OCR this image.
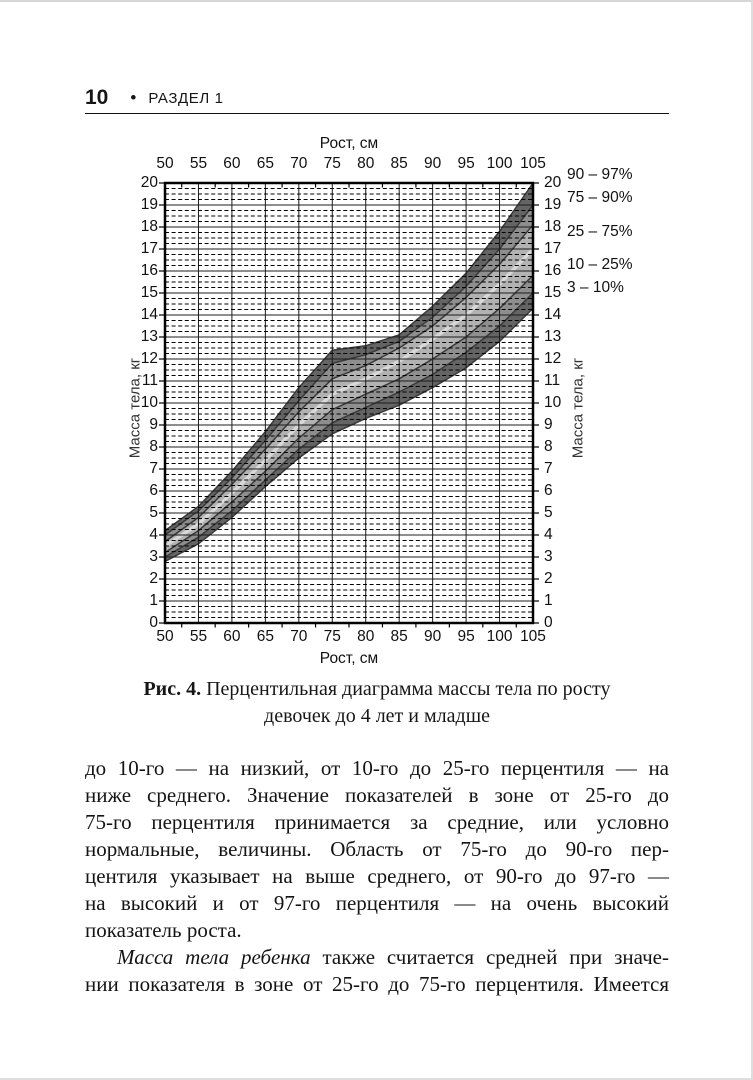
10 • РАЗДЕЛ 1
Рост, см
50 55 60 65 70 75 80 85 90 95 100 105
0
1
2
3
4
5
6
7
8
9
10
11
12
13
14
15
16
17
18
19
20
0
1
2
3
4
5
6
7
8
9
10
11
12
13
14
15
16
17
18
19
20
Масса тела, кг	Масса тела, кг
90 – 97%
75 – 90%
25 – 75%
10 – 25%
3 – 10%
50 55 60 65 70 75 80 85 90 95 100 105
Рост, см
Рис. 4. Перцентильная диаграмма массы тела по росту
девочек до 4 лет и младше
до 10-го — на низкий, от 10-го до 25-го перцентиля — на
ниже среднего. Значение показателей в зоне от 25-го до
75-го перцентиля принимается за средние, или условно
нормальные, величины. Область от 75-го до 90-го пер-
центиля указывает на выше среднего, от 90-го до 97-го —
на высокий и от 97-го перцентиля — на очень высокий
показатель роста.
Масса тела ребенка также считается средней при значе-
нии показателя в зоне от 25-го до 75-го перцентиля. Имеется
